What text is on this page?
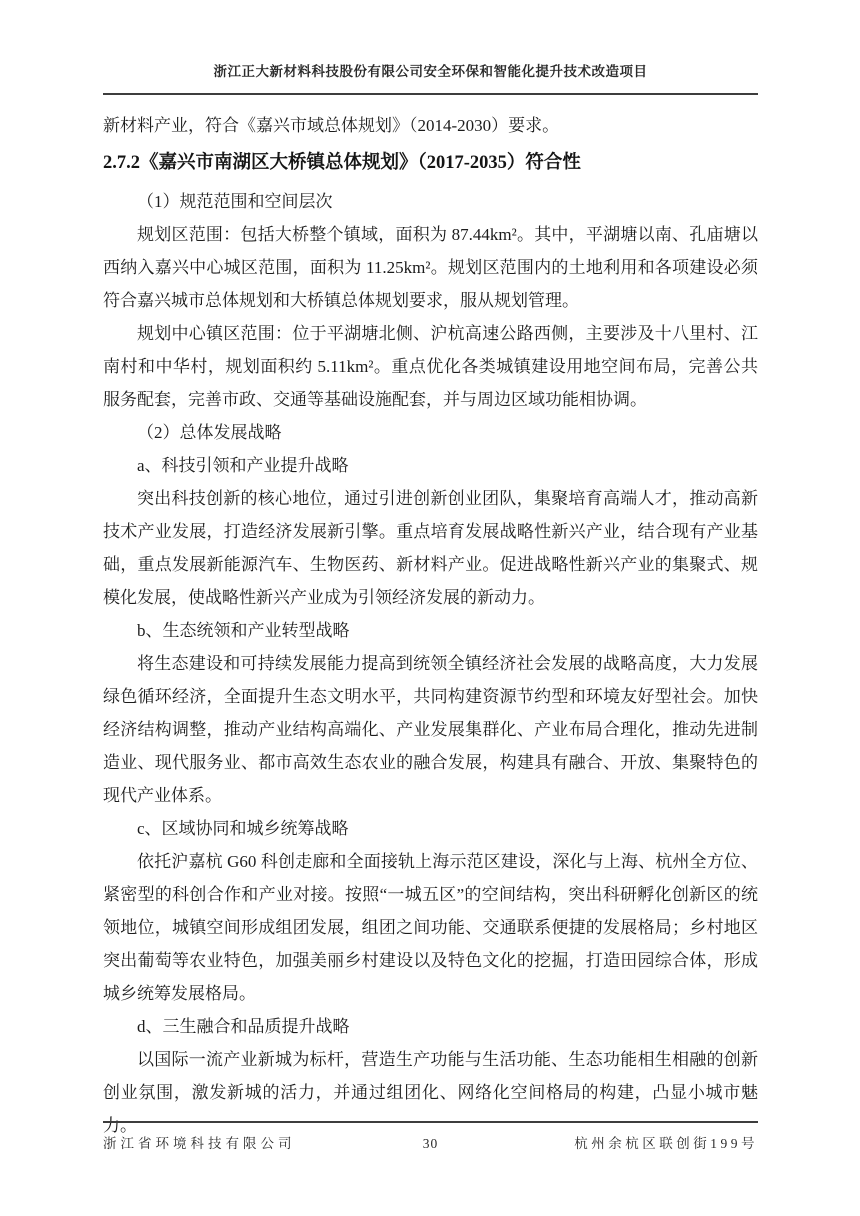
浙江正大新材料科技股份有限公司安全环保和智能化提升技术改造项目

新材料产业，符合《嘉兴市域总体规划》（2014-2030）要求。

2.7.2《嘉兴市南湖区大桥镇总体规划》（2017-2035）符合性
（1）规范范围和空间层次
规划区范围：包括大桥整个镇域，面积为 87.44km²。其中，平湖塘以南、孔庙塘以西纳入嘉兴中心城区范围，面积为 11.25km²。规划区范围内的土地利用和各项建设必须符合嘉兴城市总体规划和大桥镇总体规划要求，服从规划管理。
规划中心镇区范围：位于平湖塘北侧、沪杭高速公路西侧，主要涉及十八里村、江南村和中华村，规划面积约 5.11km²。重点优化各类城镇建设用地空间布局，完善公共服务配套，完善市政、交通等基础设施配套，并与周边区域功能相协调。
（2）总体发展战略
a、科技引领和产业提升战略
突出科技创新的核心地位，通过引进创新创业团队，集聚培育高端人才，推动高新技术产业发展，打造经济发展新引擎。重点培育发展战略性新兴产业，结合现有产业基础，重点发展新能源汽车、生物医药、新材料产业。促进战略性新兴产业的集聚式、规模化发展，使战略性新兴产业成为引领经济发展的新动力。
b、生态统领和产业转型战略
将生态建设和可持续发展能力提高到统领全镇经济社会发展的战略高度，大力发展绿色循环经济，全面提升生态文明水平，共同构建资源节约型和环境友好型社会。加快经济结构调整，推动产业结构高端化、产业发展集群化、产业布局合理化，推动先进制造业、现代服务业、都市高效生态农业的融合发展，构建具有融合、开放、集聚特色的现代产业体系。
c、区域协同和城乡统筹战略
依托沪嘉杭 G60 科创走廊和全面接轨上海示范区建设，深化与上海、杭州全方位、紧密型的科创合作和产业对接。按照“一城五区”的空间结构，突出科研孵化创新区的统领地位，城镇空间形成组团发展，组团之间功能、交通联系便捷的发展格局；乡村地区突出葡萄等农业特色，加强美丽乡村建设以及特色文化的挖掘，打造田园综合体，形成城乡统筹发展格局。
d、三生融合和品质提升战略
以国际一流产业新城为标杆，营造生产功能与生活功能、生态功能相生相融的创新创业氛围，激发新城的活力，并通过组团化、网络化空间格局的构建，凸显小城市魅力。
浙江省环境科技有限公司	30	杭州余杭区联创街199号
